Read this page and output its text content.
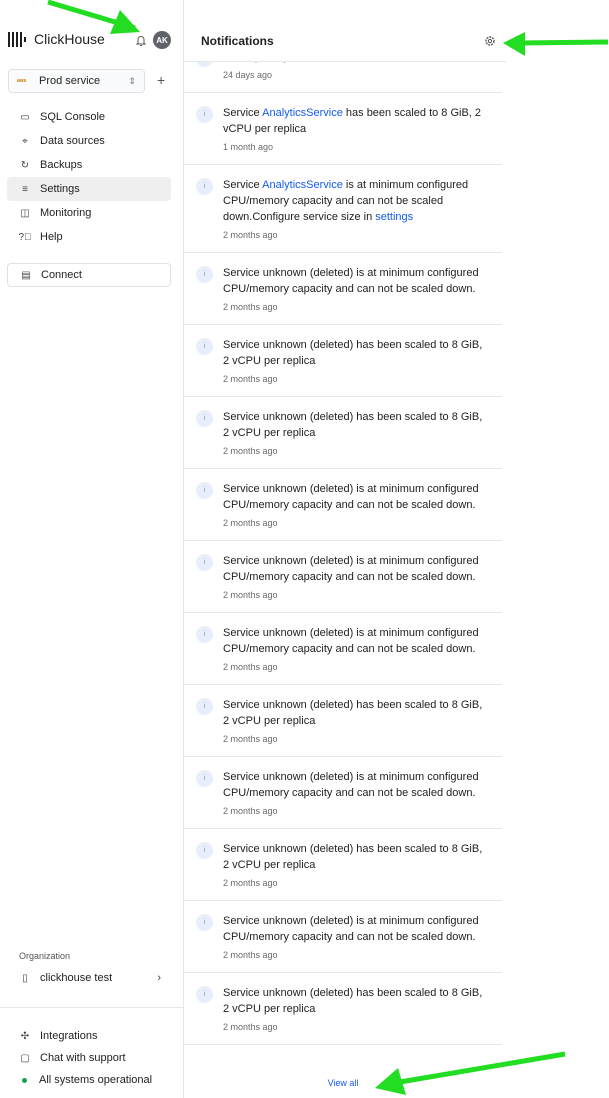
ClickHouse	AK
aws	Prod service	⇕ +
▭ SQL Console
⌖ Data sources
↻ Backups
≡ Settings
◫ Monitoring
?⃝ Help
▤ Connect
Organization
▯ clickhouse test	›
✣ Integrations
▢ Chat with support
All systems operational
Notifications
24 days ago
i	Service AnalyticsService has been scaled to 8 GiB, 2 vCPU per replica
1 month ago
i	Service AnalyticsService is at minimum configured CPU/memory capacity and can not be scaled down.Configure service size in settings
2 months ago
i	Service unknown (deleted) is at minimum configured CPU/memory capacity and can not be scaled down.
2 months ago
i	Service unknown (deleted) has been scaled to 8 GiB, 2 vCPU per replica
2 months ago
i	Service unknown (deleted) has been scaled to 8 GiB, 2 vCPU per replica
2 months ago
i	Service unknown (deleted) is at minimum configured CPU/memory capacity and can not be scaled down.
2 months ago
i	Service unknown (deleted) is at minimum configured CPU/memory capacity and can not be scaled down.
2 months ago
i	Service unknown (deleted) is at minimum configured CPU/memory capacity and can not be scaled down.
2 months ago
i	Service unknown (deleted) has been scaled to 8 GiB, 2 vCPU per replica
2 months ago
i	Service unknown (deleted) is at minimum configured CPU/memory capacity and can not be scaled down.
2 months ago
i	Service unknown (deleted) has been scaled to 8 GiB, 2 vCPU per replica
2 months ago
i	Service unknown (deleted) is at minimum configured CPU/memory capacity and can not be scaled down.
2 months ago
i	Service unknown (deleted) has been scaled to 8 GiB, 2 vCPU per replica
2 months ago
View all
